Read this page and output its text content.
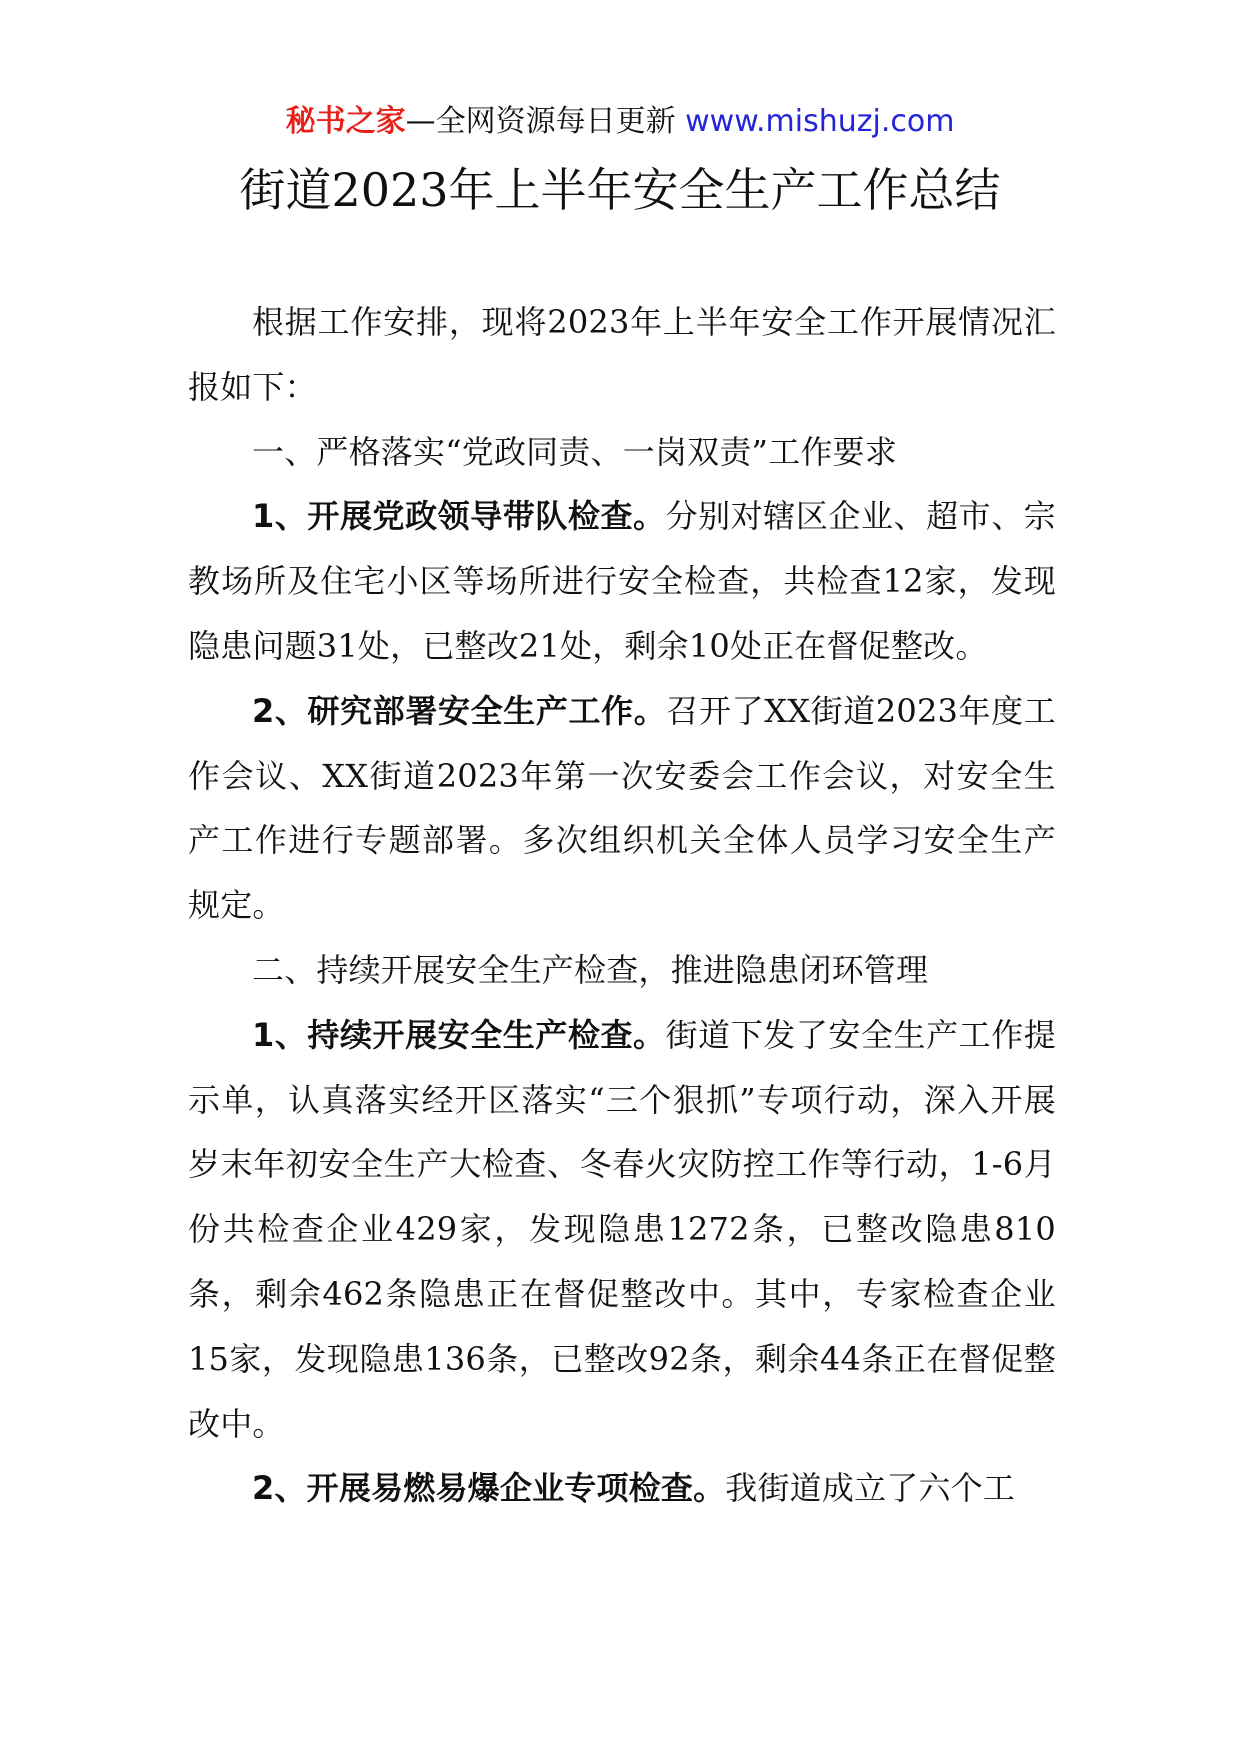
秘书之家—全网资源每日更新 www.mishuzj.com
街道2023年上半年安全生产工作总结

根据工作安排，现将2023年上半年安全工作开展情况汇报如下：

一、严格落实“党政同责、一岗双责”工作要求

1、开展党政领导带队检查。分别对辖区企业、超市、宗教场所及住宅小区等场所进行安全检查，共检查12家，发现隐患问题31处，已整改21处，剩余10处正在督促整改。

2、研究部署安全生产工作。召开了XX街道2023年度工作会议、XX街道2023年第一次安委会工作会议，对安全生产工作进行专题部署。多次组织机关全体人员学习安全生产规定。

二、持续开展安全生产检查，推进隐患闭环管理

1、持续开展安全生产检查。街道下发了安全生产工作提示单，认真落实经开区落实“三个狠抓”专项行动，深入开展岁末年初安全生产大检查、冬春火灾防控工作等行动，1-6月份共检查企业429家，发现隐患1272条，已整改隐患810条，剩余462条隐患正在督促整改中。其中，专家检查企业15家，发现隐患136条，已整改92条，剩余44条正在督促整改中。

2、开展易燃易爆企业专项检查。我街道成立了六个工
